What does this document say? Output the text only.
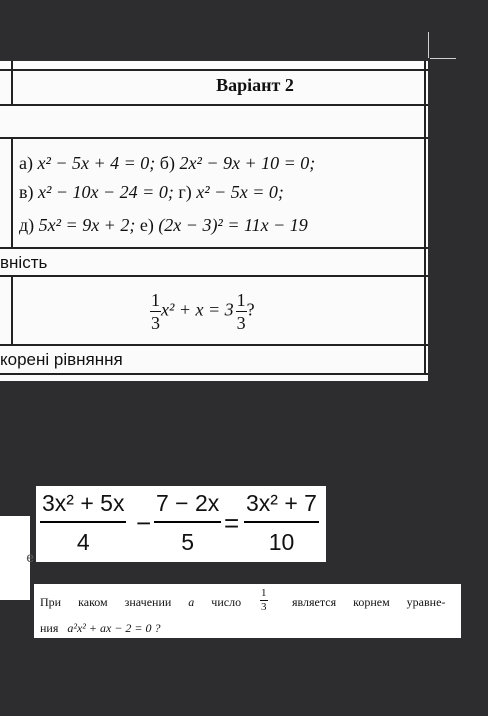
Варіант 2
а) x² − 5x + 4 = 0; б) 2x² − 9x + 10 = 0;
в) x² − 10x − 24 = 0; г) x² − 5x = 0;
д) 5x² = 9x + 2; е) (2x − 3)² = 11x − 19
вність
$\frac{1}{3} x^2 + x = 3 \frac{1}{3}$ ?
корені рівняння
е
$\frac{\text{3x² + 5x}}{4} - \frac{7 - 2x}{5} = \frac{\text{3x² + 7}}{10}$
При каком значении a число
1
3 является корнем уравне-
ния a²x² + ax − 2 = 0 ?
